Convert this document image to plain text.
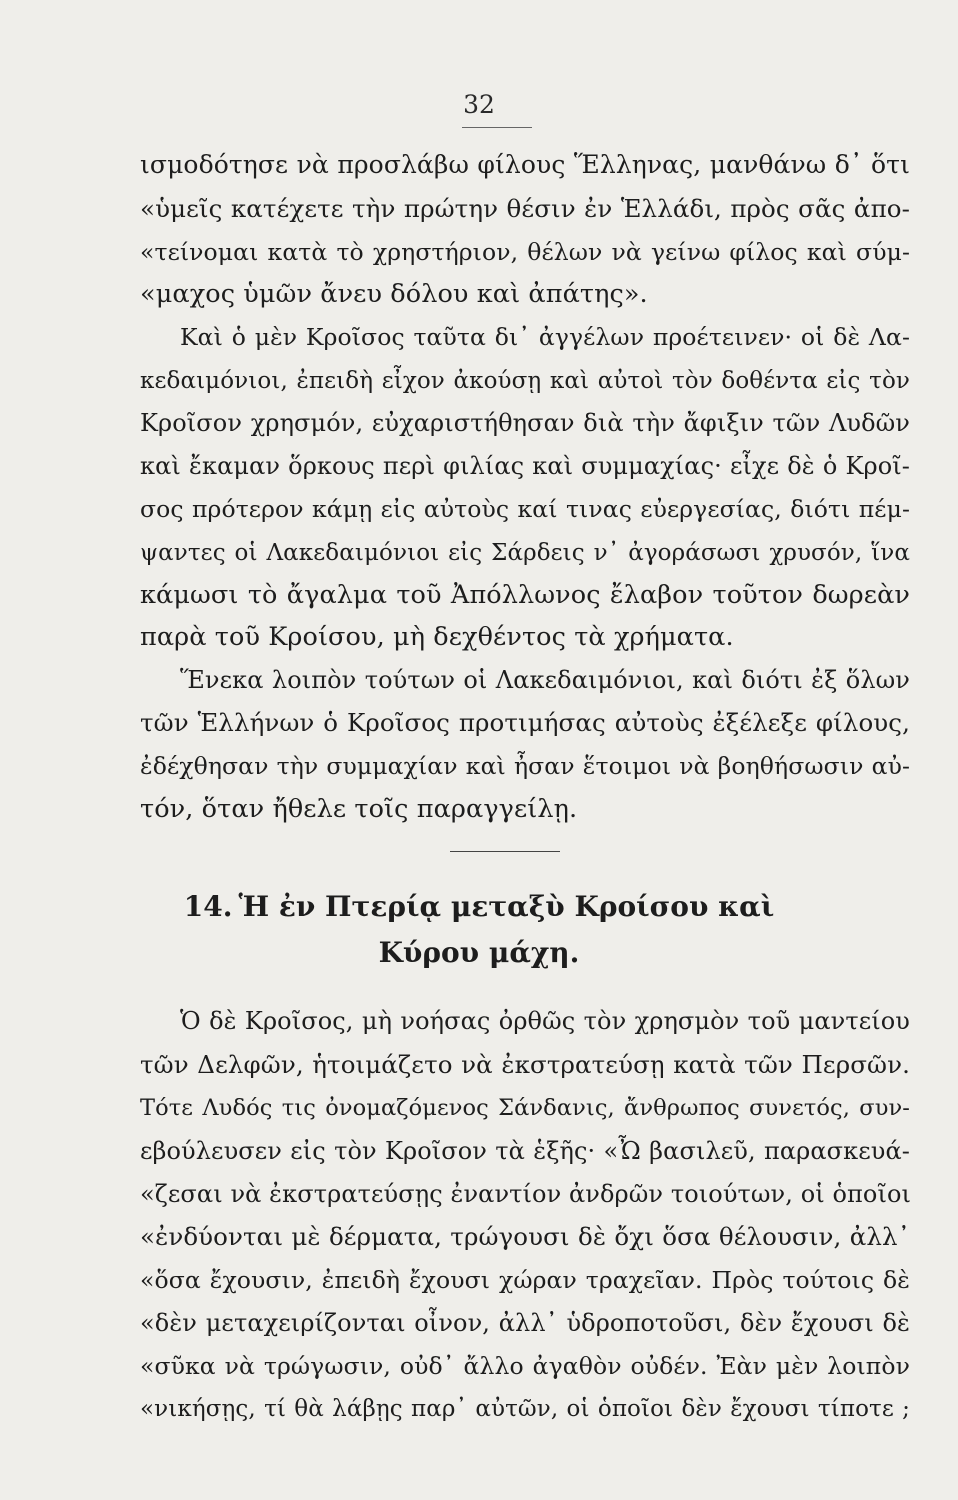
32
ισμοδότησε νὰ προσλάβω φίλους Ἕλληνας, μανθάνω δ᾽ ὅτι
«ὑμεῖς κατέχετε τὴν πρώτην θέσιν ἐν Ἑλλάδι, πρὸς σᾶς ἀπο-
«τείνομαι κατὰ τὸ χρηστήριον, θέλων νὰ γείνω φίλος καὶ σύμ-
«μαχος ὑμῶν ἄνευ δόλου καὶ ἀπάτης».
Καὶ ὁ μὲν Κροῖσος ταῦτα δι᾽ ἀγγέλων προέτεινεν· οἱ δὲ Λα-
κεδαιμόνιοι, ἐπειδὴ εἶχον ἀκούσῃ καὶ αὐτοὶ τὸν δοθέντα εἰς τὸν
Κροῖσον χρησμόν, εὐχαριστήθησαν διὰ τὴν ἄφιξιν τῶν Λυδῶν
καὶ ἔκαμαν ὅρκους περὶ φιλίας καὶ συμμαχίας· εἶχε δὲ ὁ Κροῖ-
σος πρότερον κάμῃ εἰς αὐτοὺς καί τινας εὐεργεσίας, διότι πέμ-
ψαντες οἱ Λακεδαιμόνιοι εἰς Σάρδεις ν᾽ ἀγοράσωσι χρυσόν, ἵνα
κάμωσι τὸ ἄγαλμα τοῦ Ἀπόλλωνος ἔλαβον τοῦτον δωρεὰν
παρὰ τοῦ Κροίσου, μὴ δεχθέντος τὰ χρήματα.
Ἕνεκα λοιπὸν τούτων οἱ Λακεδαιμόνιοι, καὶ διότι ἐξ ὅλων
τῶν Ἑλλήνων ὁ Κροῖσος προτιμήσας αὐτοὺς ἐξέλεξε φίλους,
ἐδέχθησαν τὴν συμμαχίαν καὶ ἦσαν ἕτοιμοι νὰ βοηθήσωσιν αὐ-
τόν, ὅταν ἤθελε τοῖς παραγγείλῃ.
14. Ἡ ἐν Πτερίᾳ μεταξὺ Κροίσου καὶ
Κύρου μάχη.
Ὁ δὲ Κροῖσος, μὴ νοήσας ὀρθῶς τὸν χρησμὸν τοῦ μαντείου
τῶν Δελφῶν, ἡτοιμάζετο νὰ ἐκστρατεύσῃ κατὰ τῶν Περσῶν.
Τότε Λυδός τις ὀνομαζόμενος Σάνδανις, ἄνθρωπος συνετός, συν-
εβούλευσεν εἰς τὸν Κροῖσον τὰ ἑξῆς· «Ὦ βασιλεῦ, παρασκευά-
«ζεσαι νὰ ἐκστρατεύσῃς ἐναντίον ἀνδρῶν τοιούτων, οἱ ὁποῖοι
«ἐνδύονται μὲ δέρματα, τρώγουσι δὲ ὄχι ὅσα θέλουσιν, ἀλλ᾽
«ὅσα ἔχουσιν, ἐπειδὴ ἔχουσι χώραν τραχεῖαν. Πρὸς τούτοις δὲ
«δὲν μεταχειρίζονται οἶνον, ἀλλ᾽ ὑδροποτοῦσι, δὲν ἔχουσι δὲ
«σῦκα νὰ τρώγωσιν, οὐδ᾽ ἄλλο ἀγαθὸν οὐδέν. Ἐὰν μὲν λοιπὸν
«νικήσῃς, τί θὰ λάβῃς παρ᾽ αὐτῶν, οἱ ὁποῖοι δὲν ἔχουσι τίποτε ;
